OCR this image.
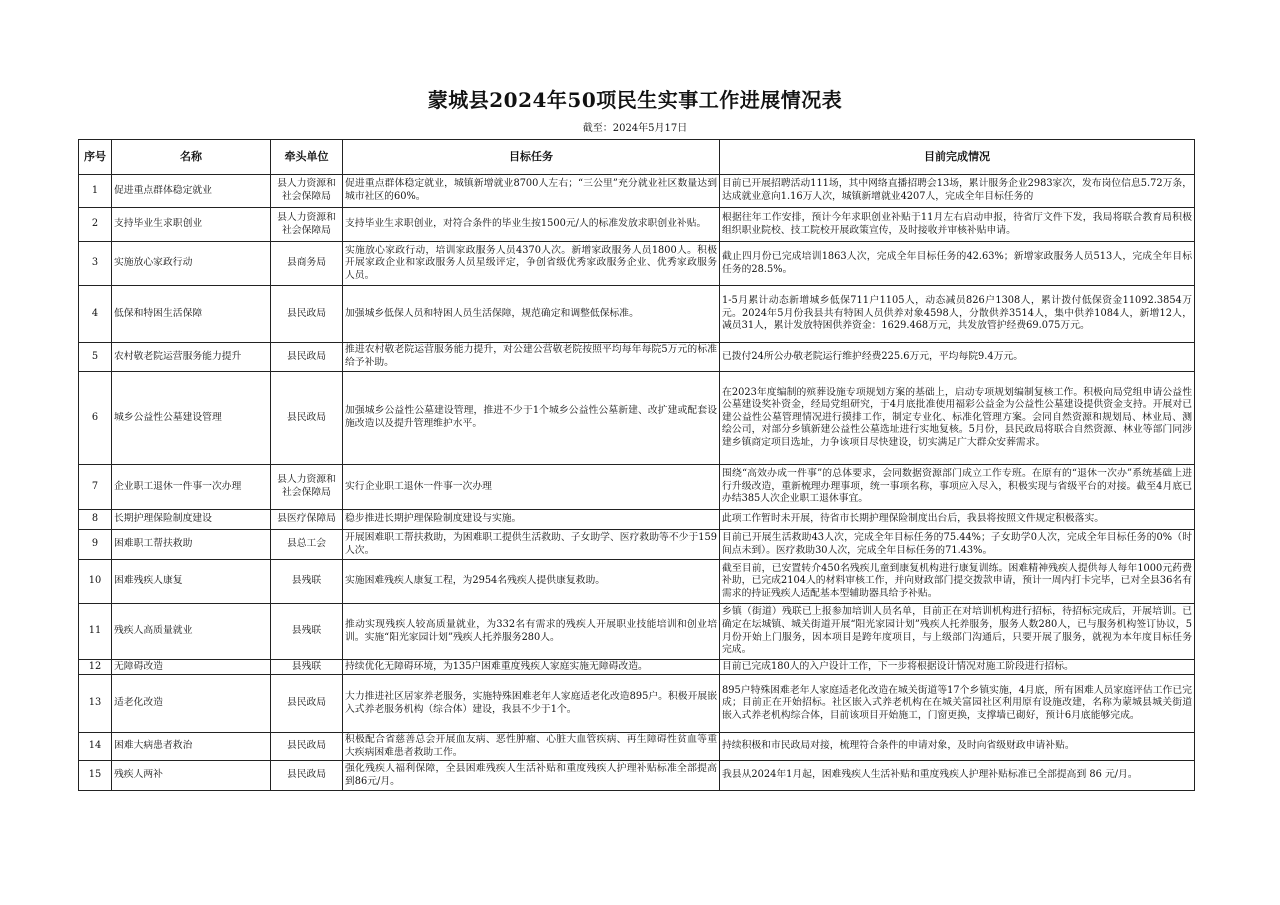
蒙城县2024年50项民生实事工作进展情况表
截至：2024年5月17日
序号	名称	牵头单位	目标任务	目前完成情况
1	促进重点群体稳定就业	县人力资源和社会保障局	促进重点群体稳定就业，城镇新增就业8700人左右；“三公里”充分就业社区数量达到城市社区的60%。	目前已开展招聘活动111场，其中网络直播招聘会13场，累计服务企业2983家次，发布岗位信息5.72万条，达成就业意向1.16万人次，城镇新增就业4207人，完成全年目标任务的
2	支持毕业生求职创业	县人力资源和社会保障局	支持毕业生求职创业，对符合条件的毕业生按1500元/人的标准发放求职创业补贴。	根据往年工作安排，预计今年求职创业补贴于11月左右启动申报，待省厅文件下发，我局将联合教育局积极组织职业院校、技工院校开展政策宣传，及时接收并审核补贴申请。
3	实施放心家政行动	县商务局	实施放心家政行动，培训家政服务人员4370人次。新增家政服务人员1800人。积极开展家政企业和家政服务人员星级评定，争创省级优秀家政服务企业、优秀家政服务人员。	截止四月份已完成培训1863人次，完成全年目标任务的42.63%；新增家政服务人员513人，完成全年目标任务的28.5%。
4	低保和特困生活保障	县民政局	加强城乡低保人员和特困人员生活保障，规范确定和调整低保标准。	1-5月累计动态新增城乡低保711户1105人，动态减员826户1308人，累计拨付低保资金11092.3854万元。2024年5月份我县共有特困人员供养对象4598人，分散供养3514人，集中供养1084人，新增12人，减员31人，累计发放特困供养资金：1629.468万元，共发放管护经费69.075万元。
5	农村敬老院运营服务能力提升	县民政局	推进农村敬老院运营服务能力提升，对公建公营敬老院按照平均每年每院5万元的标准给予补助。	已拨付24所公办敬老院运行维护经费225.6万元，平均每院9.4万元。
6	城乡公益性公墓建设管理	县民政局	加强城乡公益性公墓建设管理，推进不少于1个城乡公益性公墓新建、改扩建或配套设施改造以及提升管理维护水平。	在2023年度编制的殡葬设施专项规划方案的基础上，启动专项规划编制复核工作。积极向局党组申请公益性公墓建设奖补资金，经局党组研究，于4月底批准使用福彩公益金为公益性公墓建设提供资金支持。开展对已建公益性公墓管理情况进行摸排工作，制定专业化、标准化管理方案。会同自然资源和规划局、林业局、测绘公司，对部分乡镇新建公益性公墓选址进行实地复核。5月份，县民政局将联合自然资源、林业等部门同涉建乡镇商定项目选址，力争该项目尽快建设，切实满足广大群众安葬需求。
7	企业职工退休一件事一次办理	县人力资源和社会保障局	实行企业职工退休一件事一次办理	围绕“高效办成一件事”的总体要求，会同数据资源部门成立工作专班。在原有的“退休一次办”系统基础上进行升级改造，重新梳理办理事项，统一事项名称，事项应入尽入，积极实现与省级平台的对接。截至4月底已办结385人次企业职工退休事宜。
8	长期护理保险制度建设	县医疗保障局	稳步推进长期护理保险制度建设与实施。	此项工作暂时未开展，待省市长期护理保险制度出台后，我县将按照文件规定积极落实。
9	困难职工帮扶救助	县总工会	开展困难职工帮扶救助，为困难职工提供生活救助、子女助学、医疗救助等不少于159人次。	目前已开展生活救助43人次，完成全年目标任务的75.44%；子女助学0人次，完成全年目标任务的0%（时间点未到）。医疗救助30人次，完成全年目标任务的71.43%。
10	困难残疾人康复	县残联	实施困难残疾人康复工程，为2954名残疾人提供康复救助。	截至目前，已安置转介450名残疾儿童到康复机构进行康复训练。困难精神残疾人提供每人每年1000元药费补助，已完成2104人的材料审核工作，并向财政部门提交拨款申请，预计一周内打卡完毕，已对全县36名有需求的持证残疾人适配基本型辅助器具给予补贴。
11	残疾人高质量就业	县残联	推动实现残疾人较高质量就业，为332名有需求的残疾人开展职业技能培训和创业培训。实施“阳光家园计划”残疾人托养服务280人。	乡镇（街道）残联已上报参加培训人员名单，目前正在对培训机构进行招标，待招标完成后，开展培训。已确定在坛城镇、城关街道开展“阳光家园计划”残疾人托养服务，服务人数280人，已与服务机构签订协议，5月份开始上门服务，因本项目是跨年度项目，与上级部门沟通后，只要开展了服务，就视为本年度目标任务完成。
12	无障碍改造	县残联	持续优化无障碍环境，为135户困难重度残疾人家庭实施无障碍改造。	目前已完成180人的入户设计工作，下一步将根据设计情况对施工阶段进行招标。
13	适老化改造	县民政局	大力推进社区居家养老服务，实施特殊困难老年人家庭适老化改造895户。积极开展嵌入式养老服务机构（综合体）建设，我县不少于1个。	895户特殊困难老年人家庭适老化改造在城关街道等17个乡镇实施，4月底，所有困难人员家庭评估工作已完成；目前正在开始招标。社区嵌入式养老机构在在城关富园社区利用原有设施改建，名称为蒙城县城关街道嵌入式养老机构综合体，目前该项目开始施工，门窗更换，支撑墙已砌好，预计6月底能够完成。
14	困难大病患者救治	县民政局	积极配合省慈善总会开展血友病、恶性肿瘤、心脏大血管疾病、再生障碍性贫血等重大疾病困难患者救助工作。	持续积极和市民政局对接，梳理符合条件的申请对象，及时向省级财政申请补贴。
15	残疾人两补	县民政局	强化残疾人福利保障，全县困难残疾人生活补贴和重度残疾人护理补贴标准全部提高到86元/月。	我县从2024年1月起，困难残疾人生活补贴和重度残疾人护理补贴标准已全部提高到 86 元/月。
